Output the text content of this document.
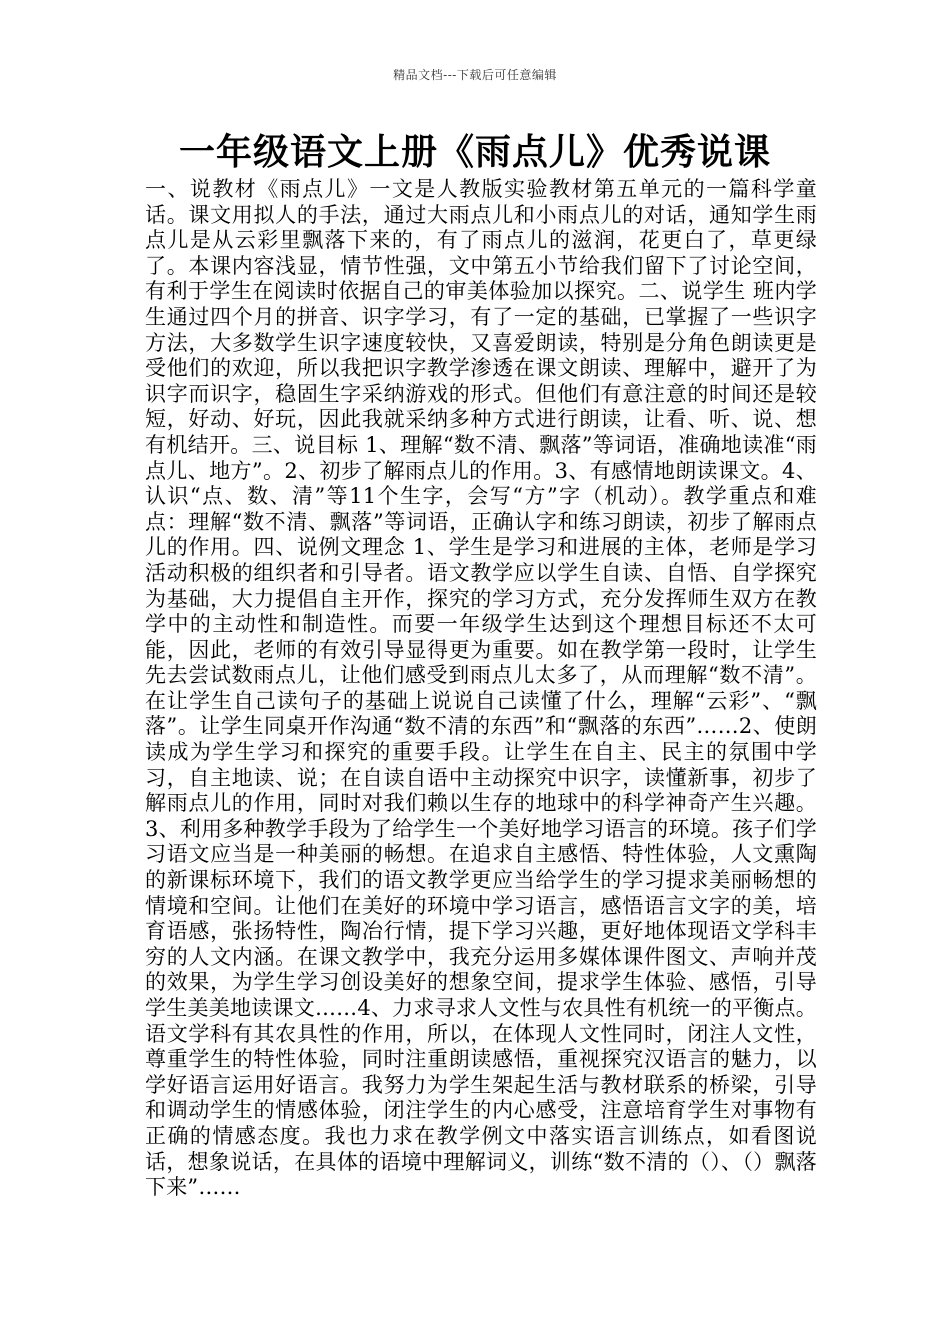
精品文档---下载后可任意编辑
一年级语文上册《雨点儿》优秀说课

一、说教材《雨点儿》一文是人教版实验教材第五单元的一篇科学童话。课文用拟人的手法，通过大雨点儿和小雨点儿的对话，通知学生雨点儿是从云彩里飘落下来的，有了雨点儿的滋润，花更白了，草更绿了。本课内容浅显，情节性强，文中第五小节给我们留下了讨论空间，有利于学生在阅读时依据自己的审美体验加以探究。二、说学生 班内学生通过四个月的拼音、识字学习，有了一定的基础，已掌握了一些识字方法，大多数学生识字速度较快，又喜爱朗读，特别是分角色朗读更是受他们的欢迎，所以我把识字教学渗透在课文朗读、理解中，避开了为识字而识字，稳固生字采纳游戏的形式。但他们有意注意的时间还是较短，好动、好玩，因此我就采纳多种方式进行朗读，让看、听、说、想有机结开。三、说目标 1、理解“数不清、飘落”等词语，准确地读准“雨点儿、地方”。2、初步了解雨点儿的作用。3、有感情地朗读课文。4、认识“点、数、清”等11个生字，会写“方”字（机动）。教学重点和难点：理解“数不清、飘落”等词语，正确认字和练习朗读，初步了解雨点儿的作用。四、说例文理念 1、学生是学习和进展的主体，老师是学习活动积极的组织者和引导者。语文教学应以学生自读、自悟、自学探究为基础，大力提倡自主开作，探究的学习方式，充分发挥师生双方在教学中的主动性和制造性。而要一年级学生达到这个理想目标还不太可能，因此，老师的有效引导显得更为重要。如在教学第一段时，让学生先去尝试数雨点儿，让他们感受到雨点儿太多了，从而理解“数不清”。在让学生自己读句子的基础上说说自己读懂了什么，理解“云彩”、“飘落”。让学生同桌开作沟通“数不清的东西”和“飘落的东西”……2、使朗读成为学生学习和探究的重要手段。让学生在自主、民主的氛围中学习，自主地读、说；在自读自语中主动探究中识字，读懂新事，初步了解雨点儿的作用，同时对我们赖以生存的地球中的科学神奇产生兴趣。3、利用多种教学手段为了给学生一个美好地学习语言的环境。孩子们学习语文应当是一种美丽的畅想。在追求自主感悟、特性体验，人文熏陶的新课标环境下，我们的语文教学更应当给学生的学习提求美丽畅想的情境和空间。让他们在美好的环境中学习语言，感悟语言文字的美，培育语感，张扬特性，陶冶行情，提下学习兴趣，更好地体现语文学科丰穷的人文内涵。在课文教学中，我充分运用多媒体课件图文、声响并茂的效果，为学生学习创设美好的想象空间，提求学生体验、感悟，引导学生美美地读课文……4、力求寻求人文性与农具性有机统一的平衡点。语文学科有其农具性的作用，所以，在体现人文性同时，闭注人文性，尊重学生的特性体验，同时注重朗读感悟，重视探究汉语言的魅力，以学好语言运用好语言。我努力为学生架起生活与教材联系的桥梁，引导和调动学生的情感体验，闭注学生的内心感受，注意培育学生对事物有正确的情感态度。我也力求在教学例文中落实语言训练点，如看图说话，想象说话，在具体的语境中理解词义，训练“数不清的（）、（）飘落下来”……
